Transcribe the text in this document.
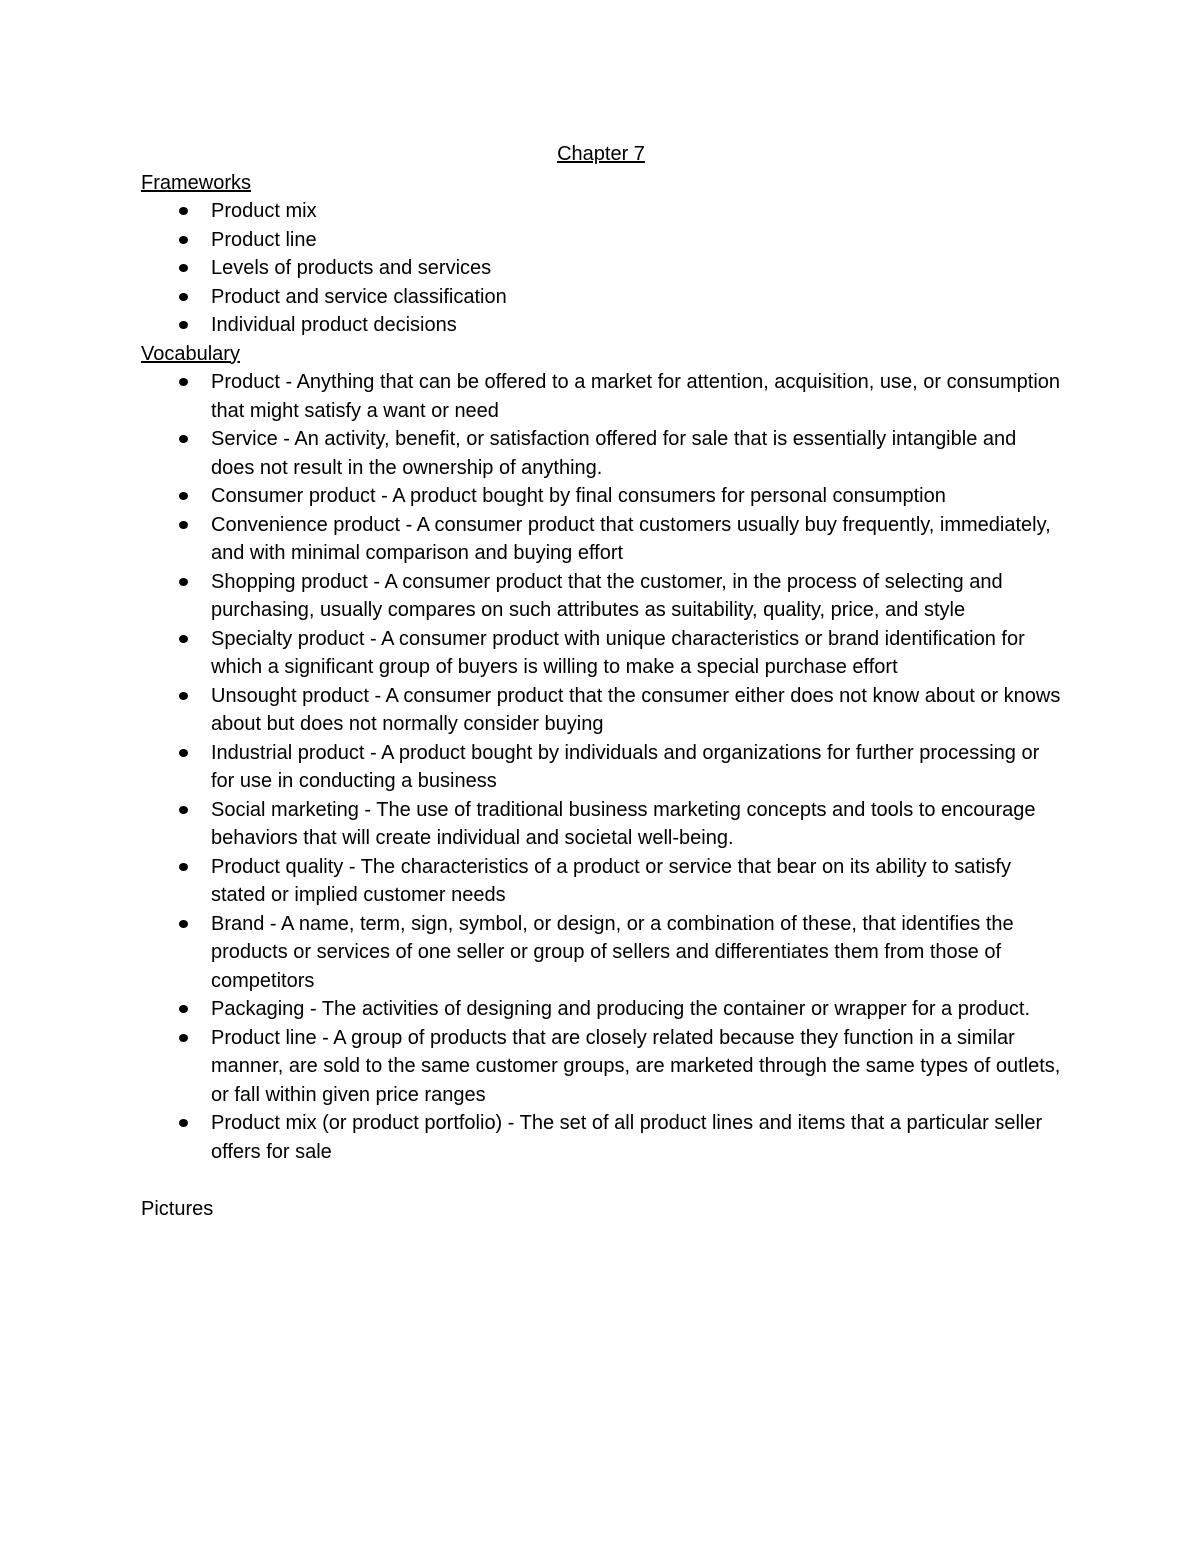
Chapter 7
Frameworks
Product mix
Product line
Levels of products and services
Product and service classification
Individual product decisions
Vocabulary
Product - Anything that can be offered to a market for attention, acquisition, use, or consumption that might satisfy a want or need
Service - An activity, benefit, or satisfaction offered for sale that is essentially intangible and does not result in the ownership of anything.
Consumer product - A product bought by final consumers for personal consumption
Convenience product - A consumer product that customers usually buy frequently, immediately, and with minimal comparison and buying effort
Shopping product - A consumer product that the customer, in the process of selecting and purchasing, usually compares on such attributes as suitability, quality, price, and style
Specialty product - A consumer product with unique characteristics or brand identification for which a significant group of buyers is willing to make a special purchase effort
Unsought product - A consumer product that the consumer either does not know about or knows about but does not normally consider buying
Industrial product - A product bought by individuals and organizations for further processing or for use in conducting a business
Social marketing - The use of traditional business marketing concepts and tools to encourage behaviors that will create individual and societal well-being.
Product quality - The characteristics of a product or service that bear on its ability to satisfy stated or implied customer needs
Brand - A name, term, sign, symbol, or design, or a combination of these, that identifies the products or services of one seller or group of sellers and differentiates them from those of competitors
Packaging - The activities of designing and producing the container or wrapper for a product.
Product line - A group of products that are closely related because they function in a similar manner, are sold to the same customer groups, are marketed through the same types of outlets, or fall within given price ranges
Product mix (or product portfolio) - The set of all product lines and items that a particular seller offers for sale
Pictures
